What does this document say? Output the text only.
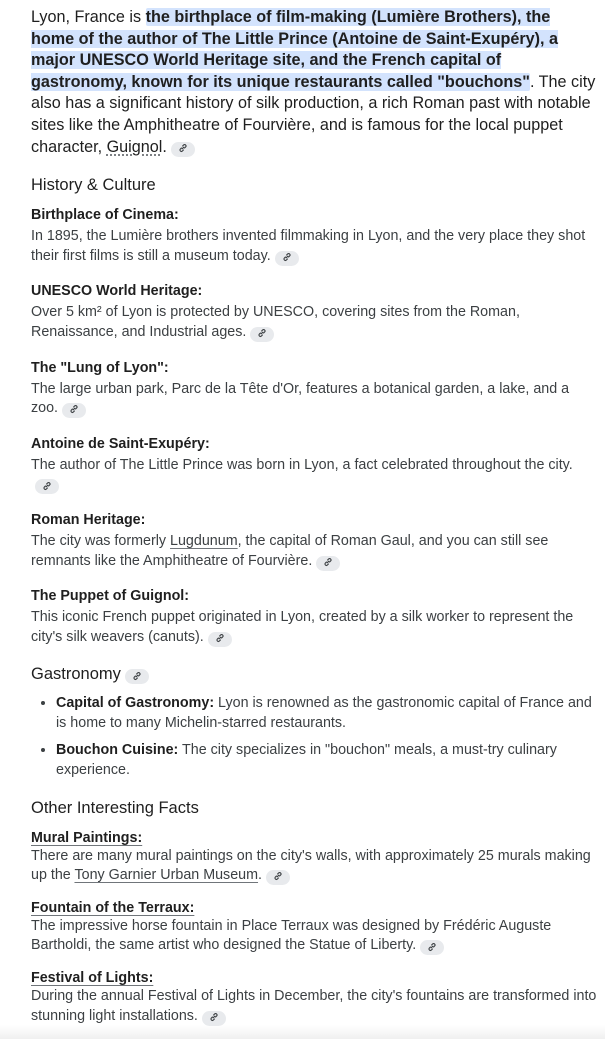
Lyon, France is the birthplace of film-making (Lumière Brothers), the home of the author of The Little Prince (Antoine de Saint-Exupéry), a major UNESCO World Heritage site, and the French capital of gastronomy, known for its unique restaurants called "bouchons". The city also has a significant history of silk production, a rich Roman past with notable sites like the Amphitheatre of Fourvière, and is famous for the local puppet character, Guignol.

History & Culture

Birthplace of Cinema:

In 1895, the Lumière brothers invented filmmaking in Lyon, and the very place they shot their first films is still a museum today.

UNESCO World Heritage:

Over 5 km² of Lyon is protected by UNESCO, covering sites from the Roman, Renaissance, and Industrial ages.

The "Lung of Lyon":

The large urban park, Parc de la Tête d'Or, features a botanical garden, a lake, and a zoo.

Antoine de Saint-Exupéry:

The author of The Little Prince was born in Lyon, a fact celebrated throughout the city.

Roman Heritage:

The city was formerly Lugdunum, the capital of Roman Gaul, and you can still see remnants like the Amphitheatre of Fourvière.

The Puppet of Guignol:

This iconic French puppet originated in Lyon, created by a silk worker to represent the city's silk weavers (canuts).

Gastronomy
• Capital of Gastronomy: Lyon is renowned as the gastronomic capital of France and is home to many Michelin-starred restaurants.
• Bouchon Cuisine: The city specializes in "bouchon" meals, a must-try culinary experience.
Other Interesting Facts

Mural Paintings:

There are many mural paintings on the city's walls, with approximately 25 murals making up the Tony Garnier Urban Museum.

Fountain of the Terraux:

The impressive horse fountain in Place Terraux was designed by Frédéric Auguste Bartholdi, the same artist who designed the Statue of Liberty.

Festival of Lights:

During the annual Festival of Lights in December, the city's fountains are transformed into stunning light installations.
